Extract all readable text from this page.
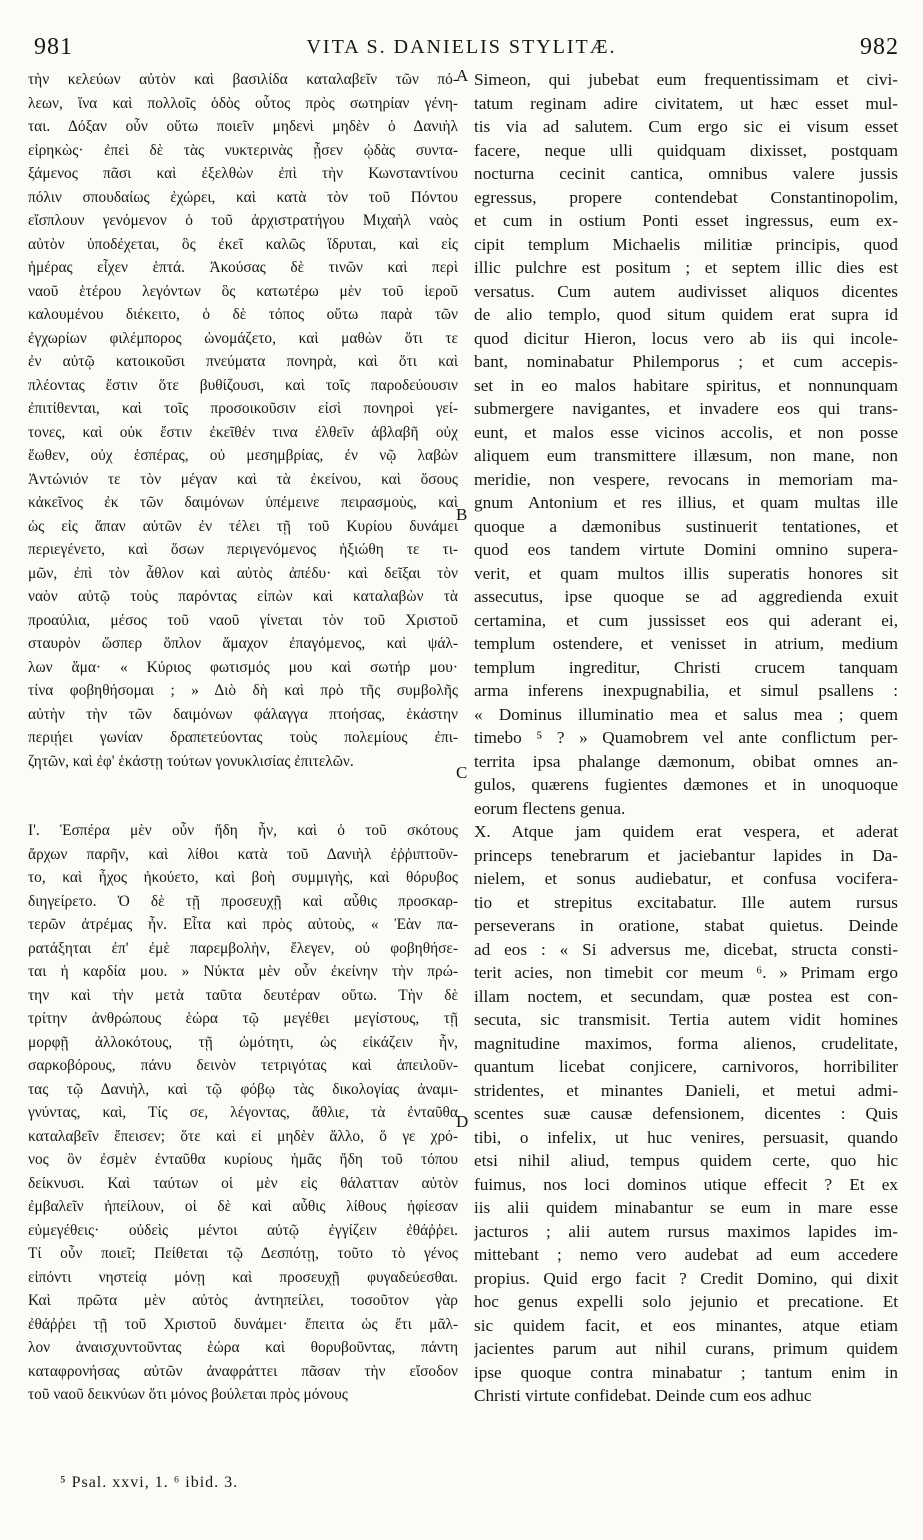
981	VITA S. DANIELIS STYLITÆ.	982
A
B
C
D
τὴν κελεύων αὐτὸν καὶ βασιλίδα καταλαβεῖν τῶν πό-
λεων, ἵνα καὶ πολλοῖς ὁδὸς οὗτος πρὸς σωτηρίαν γένη-
ται. Δόξαν οὖν οὕτω ποιεῖν μηδενὶ μηδὲν ὁ Δανιὴλ
εἰρηκὼς· ἐπεὶ δὲ τὰς νυκτερινὰς ᾖσεν ᾠδὰς συντα-
ξάμενος πᾶσι καὶ ἐξελθὼν ἐπὶ τὴν Κωνσταντίνου
πόλιν σπουδαίως ἐχώρει, καὶ κατὰ τὸν τοῦ Πόντου
εἴσπλουν γενόμενον ὁ τοῦ ἀρχιστρατήγου Μιχαὴλ ναὸς
αὐτὸν ὑποδέχεται, ὃς ἐκεῖ καλῶς ἵδρυται, καὶ εἰς
ἡμέρας εἶχεν ἑπτά. Ἀκούσας δὲ τινῶν καὶ περὶ
ναοῦ ἑτέρου λεγόντων ὃς κατωτέρω μὲν τοῦ ἱεροῦ
καλουμένου διέκειτο, ὁ δὲ τόπος οὕτω παρὰ τῶν
ἐγχωρίων φιλέμπορος ὠνομάζετο, καὶ μαθὼν ὅτι τε
ἐν αὐτῷ κατοικοῦσι πνεύματα πονηρὰ, καὶ ὅτι καὶ
πλέοντας ἔστιν ὅτε βυθίζουσι, καὶ τοῖς παροδεύουσιν
ἐπιτίθενται, καὶ τοῖς προσοικοῦσιν εἰσὶ πονηροὶ γεί-
τονες, καὶ οὐκ ἔστιν ἐκεῖθέν τινα ἐλθεῖν ἀβλαβῆ οὐχ
ἕωθεν, οὐχ ἑσπέρας, οὐ μεσημβρίας, ἐν νῷ λαβὼν
Ἀντώνιόν τε τὸν μέγαν καὶ τὰ ἐκείνου, καὶ ὅσους
κἀκεῖνος ἐκ τῶν δαιμόνων ὑπέμεινε πειρασμοὺς, καὶ
ὡς εἰς ἅπαν αὐτῶν ἐν τέλει τῇ τοῦ Κυρίου δυνάμει
περιεγένετο, καὶ ὅσων περιγενόμενος ἠξιώθη τε τι-
μῶν, ἐπὶ τὸν ἆθλον καὶ αὐτὸς ἀπέδυ· καὶ δεῖξαι τὸν
ναὸν αὐτῷ τοὺς παρόντας εἰπὼν καὶ καταλαβὼν τὰ
προαύλια, μέσος τοῦ ναοῦ γίνεται τὸν τοῦ Χριστοῦ
σταυρὸν ὥσπερ ὅπλον ἄμαχον ἐπαγόμενος, καὶ ψάλ-
λων ἅμα· « Κύριος φωτισμός μου καὶ σωτήρ μου·
τίνα φοβηθήσομαι ; » Διὸ δὴ καὶ πρὸ τῆς συμβολῆς
αὐτὴν τὴν τῶν δαιμόνων φάλαγγα πτοήσας, ἑκάστην
περιῄει γωνίαν δραπετεύοντας τοὺς πολεμίους ἐπι-
ζητῶν, καὶ ἐφ' ἑκάστῃ τούτων γονυκλισίας ἐπιτελῶν.
Ι'. Ἑσπέρα μὲν οὖν ἤδη ἦν, καὶ ὁ τοῦ σκότους
ἄρχων παρῆν, καὶ λίθοι κατὰ τοῦ Δανιὴλ ἐῤῥιπτοῦν-
το, καὶ ἦχος ἠκούετο, καὶ βοὴ συμμιγὴς, καὶ θόρυβος
διηγείρετο. Ὁ δὲ τῇ προσευχῇ καὶ αὖθις προσκαρ-
τερῶν ἀτρέμας ἦν. Εἶτα καὶ πρὸς αὐτοὺς, « Ἐὰν πα-
ρατάξηται ἐπ' ἐμὲ παρεμβολὴν, ἔλεγεν, οὐ φοβηθήσε-
ται ἡ καρδία μου. » Νύκτα μὲν οὖν ἐκείνην τὴν πρώ-
την καὶ τὴν μετὰ ταῦτα δευτέραν οὕτω. Τὴν δὲ
τρίτην ἀνθρώπους ἑώρα τῷ μεγέθει μεγίστους, τῇ
μορφῇ ἀλλοκότους, τῇ ὠμότητι, ὡς εἰκάζειν ἦν,
σαρκοβόρους, πάνυ δεινὸν τετριγότας καὶ ἀπειλοῦν-
τας τῷ Δανιὴλ, καὶ τῷ φόβῳ τὰς δικολογίας ἀναμι-
γνύντας, καὶ, Τίς σε, λέγοντας, ἄθλιε, τὰ ἐνταῦθα
καταλαβεῖν ἔπεισεν; ὅτε καὶ εἰ μηδὲν ἄλλο, ὅ γε χρό-
νος ὃν ἐσμὲν ἐνταῦθα κυρίους ἡμᾶς ἤδη τοῦ τόπου
δείκνυσι. Καὶ ταύτων οἱ μὲν εἰς θάλατταν αὐτὸν
ἐμβαλεῖν ἠπείλουν, οἱ δὲ καὶ αὖθις λίθους ἠφίεσαν
εὐμεγέθεις· οὐδεὶς μέντοι αὐτῷ ἐγγίζειν ἐθάῤῥει.
Τί οὖν ποιεῖ; Πείθεται τῷ Δεσπότῃ, τοῦτο τὸ γένος
εἰπόντι νηστείᾳ μόνῃ καὶ προσευχῇ φυγαδεύεσθαι.
Καὶ πρῶτα μὲν αὐτὸς ἀντηπείλει, τοσοῦτον γὰρ
ἐθάῤῥει τῇ τοῦ Χριστοῦ δυνάμει· ἔπειτα ὡς ἔτι μᾶλ-
λον ἀναισχυντοῦντας ἑώρα καὶ θορυβοῦντας, πάντη
καταφρονήσας αὐτῶν ἀναφράττει πᾶσαν τὴν εἴσοδον
τοῦ ναοῦ δεικνύων ὅτι μόνος βούλεται πρὸς μόνους
Simeon, qui jubebat eum frequentissimam et civi-
tatum reginam adire civitatem, ut hæc esset mul-
tis via ad salutem. Cum ergo sic ei visum esset
facere, neque ulli quidquam dixisset, postquam
nocturna cecinit cantica, omnibus valere jussis
egressus, propere contendebat Constantinopolim,
et cum in ostium Ponti esset ingressus, eum ex-
cipit templum Michaelis militiæ principis, quod
illic pulchre est positum ; et septem illic dies est
versatus. Cum autem audivisset aliquos dicentes
de alio templo, quod situm quidem erat supra id
quod dicitur Hieron, locus vero ab iis qui incole-
bant, nominabatur Philemporus ; et cum accepis-
set in eo malos habitare spiritus, et nonnunquam
submergere navigantes, et invadere eos qui trans-
eunt, et malos esse vicinos accolis, et non posse
aliquem eum transmittere illæsum, non mane, non
meridie, non vespere, revocans in memoriam ma-
gnum Antonium et res illius, et quam multas ille
quoque a dæmonibus sustinuerit tentationes, et
quod eos tandem virtute Domini omnino supera-
verit, et quam multos illis superatis honores sit
assecutus, ipse quoque se ad aggredienda exuit
certamina, et cum jussisset eos qui aderant ei,
templum ostendere, et venisset in atrium, medium
templum ingreditur, Christi crucem tanquam
arma inferens inexpugnabilia, et simul psallens :
« Dominus illuminatio mea et salus mea ; quem
timebo ⁵ ? » Quamobrem vel ante conflictum per-
territa ipsa phalange dæmonum, obibat omnes an-
gulos, quærens fugientes dæmones et in unoquoque
eorum flectens genua.
X. Atque jam quidem erat vespera, et aderat
princeps tenebrarum et jaciebantur lapides in Da-
nielem, et sonus audiebatur, et confusa vocifera-
tio et strepitus excitabatur. Ille autem rursus
perseverans in oratione, stabat quietus. Deinde
ad eos : « Si adversus me, dicebat, structa consti-
terit acies, non timebit cor meum ⁶. » Primam ergo
illam noctem, et secundam, quæ postea est con-
secuta, sic transmisit. Tertia autem vidit homines
magnitudine maximos, forma alienos, crudelitate,
quantum licebat conjicere, carnivoros, horribiliter
stridentes, et minantes Danieli, et metui admi-
scentes suæ causæ defensionem, dicentes : Quis
tibi, o infelix, ut huc venires, persuasit, quando
etsi nihil aliud, tempus quidem certe, quo hic
fuimus, nos loci dominos utique effecit ? Et ex
iis alii quidem minabantur se eum in mare esse
jacturos ; alii autem rursus maximos lapides im-
mittebant ; nemo vero audebat ad eum accedere
propius. Quid ergo facit ? Credit Domino, qui dixit
hoc genus expelli solo jejunio et precatione. Et
sic quidem facit, et eos minantes, atque etiam
jacientes parum aut nihil curans, primum quidem
ipse quoque contra minabatur ; tantum enim in
Christi virtute confidebat. Deinde cum eos adhuc
⁵ Psal. xxvi, 1. ⁶ ibid. 3.
